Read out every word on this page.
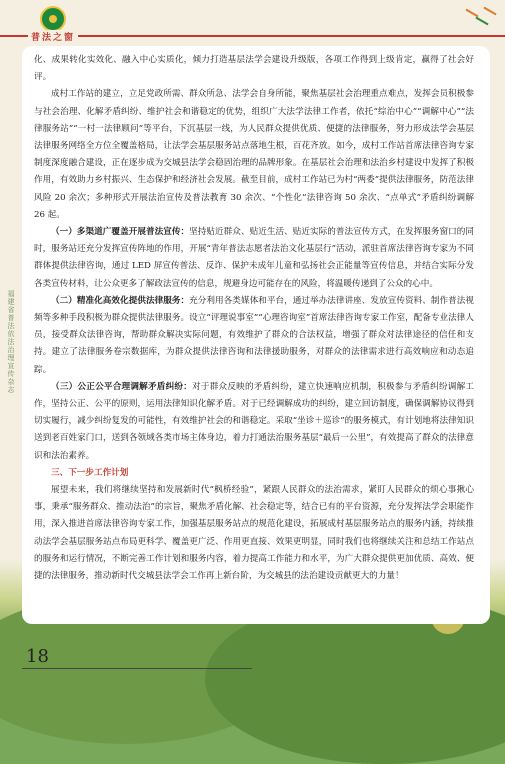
普法之窗
福建省普法依法治理宣传杂志

化、成果转化实效化、融入中心实质化，倾力打造基层法学会建设升级版，各项工作得到上级肯定，赢得了社会好评。

成村工作站的建立，立足党政所需、群众所急、法学会自身所能，聚焦基层社会治理重点难点，发挥会员积极参与社会治理、化解矛盾纠纷、维护社会和谐稳定的优势，组织广大法学法律工作者，依托“综治中心”“调解中心”“法律服务站”“一村一法律顾问”等平台，下沉基层一线，为人民群众提供优质、便捷的法律服务，努力形成法学会基层法律服务网络全方位全覆盖格局，让法学会基层服务站点落地生根，百花齐放。如今，成村工作站首席法律咨询专家制度深度融合建设，正在逐步成为交城县法学会稳固治理的品牌形象。在基层社会治理和法治乡村建设中发挥了积极作用，有效助力乡村振兴、生态保护和经济社会发展。截至目前，成村工作站已为村“两委”提供法律服务，防范法律风险 20 余次；多种形式开展法治宣传及普法教育 30 余次、“个性化”法律咨询 50 余次、“点单式”矛盾纠纷调解 26 起。

（一）多渠道广覆盖开展普法宣传：坚持贴近群众、贴近生活、贴近实际的普法宣传方式，在发挥服务窗口的同时，服务站还充分发挥宣传阵地的作用，开展“青年普法志愿者法治文化基层行”活动，派驻首席法律咨询专家为不同群体提供法律咨询，通过 LED 屏宣传普法、反诈、保护未成年儿童和弘扬社会正能量等宣传信息，并结合实际分发各类宣传材料，让公众更多了解政法宣传的信息，规避身边可能存在的风险，将温暖传递到了公众的心中。

（二）精准化高效化提供法律服务：充分利用各类媒体和平台，通过举办法律讲座、发放宣传资料、制作普法视频等多种手段积极为群众提供法律服务。设立“评理说事室”“心理咨询室”首席法律咨询专家工作室，配备专业法律人员，接受群众法律咨询，帮助群众解决实际问题，有效维护了群众的合法权益，增强了群众对法律途径的信任和支持。建立了法律服务卷宗数据库，为群众提供法律咨询和法律援助服务，对群众的法律需求进行高效响应和动态追踪。

（三）公正公平合理调解矛盾纠纷：对于群众反映的矛盾纠纷，建立快速响应机制，积极参与矛盾纠纷调解工作，坚持公正、公平的原则，运用法律知识化解矛盾。对于已经调解成功的纠纷，建立回访制度，确保调解协议得到切实履行，减少纠纷复发的可能性，有效维护社会的和谐稳定。采取“坐诊＋巡诊”的服务模式，有计划地将法律知识送到老百姓家门口，送到各领域各类市场主体身边，着力打通法治服务基层“最后一公里”，有效提高了群众的法律意识和法治素养。

三、下一步工作计划

展望未来，我们将继续坚持和发展新时代“枫桥经验”，紧跟人民群众的法治需求，紧盯人民群众的烦心事揪心事，秉承“服务群众、推动法治”的宗旨，聚焦矛盾化解、社会稳定等，结合已有的平台资源，充分发挥法学会职能作用，深入推进首席法律咨询专家工作，加强基层服务站点的规范化建设，拓展成村基层服务站点的服务内涵，持续推动法学会基层服务站点布局更科学、覆盖更广泛、作用更直接、效果更明显，同时我们也将继续关注和总结工作站点的服务和运行情况，不断完善工作计划和服务内容，着力提高工作能力和水平，为广大群众提供更加优质、高效、便捷的法律服务，推动新时代交城县法学会工作再上新台阶，为交城县的法治建设贡献更大的力量！

18
